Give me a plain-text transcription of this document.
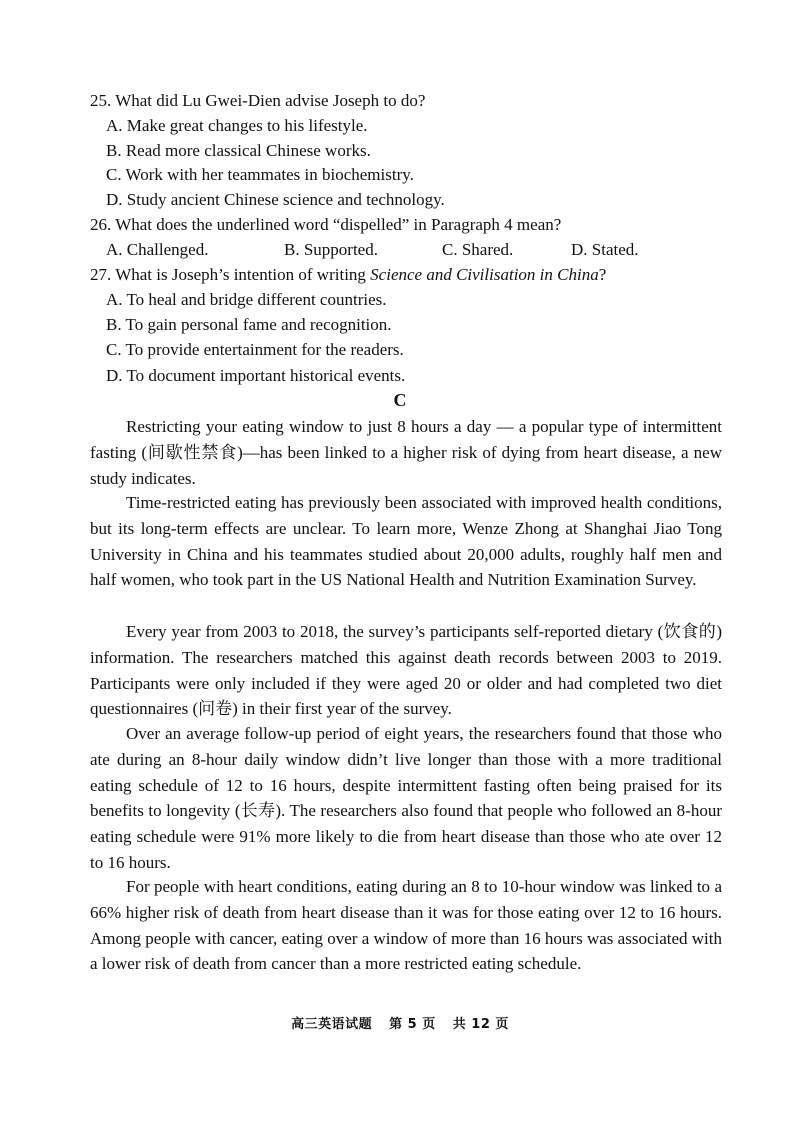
25. What did Lu Gwei-Dien advise Joseph to do?
A. Make great changes to his lifestyle.
B. Read more classical Chinese works.
C. Work with her teammates in biochemistry.
D. Study ancient Chinese science and technology.
26. What does the underlined word “dispelled” in Paragraph 4 mean?
A. Challenged.	B. Supported.	C. Shared.	D. Stated.
27. What is Joseph’s intention of writing Science and Civilisation in China?
A. To heal and bridge different countries.
B. To gain personal fame and recognition.
C. To provide entertainment for the readers.
D. To document important historical events.
C

Restricting your eating window to just 8 hours a day — a popular type of intermittent fasting (间歇性禁食)—has been linked to a higher risk of dying from heart disease, a new study indicates.

Time-restricted eating has previously been associated with improved health conditions, but its long-term effects are unclear. To learn more, Wenze Zhong at Shanghai Jiao Tong University in China and his teammates studied about 20,000 adults, roughly half men and half women, who took part in the US National Health and Nutrition Examination Survey.

Every year from 2003 to 2018, the survey’s participants self-reported dietary (饮食的) information. The researchers matched this against death records between 2003 to 2019. Participants were only included if they were aged 20 or older and had completed two diet questionnaires (问卷) in their first year of the survey.

Over an average follow-up period of eight years, the researchers found that those who ate during an 8-hour daily window didn’t live longer than those with a more traditional eating schedule of 12 to 16 hours, despite intermittent fasting often being praised for its benefits to longevity (长寿). The researchers also found that people who followed an 8-hour eating schedule were 91% more likely to die from heart disease than those who ate over 12 to 16 hours.

For people with heart conditions, eating during an 8 to 10-hour window was linked to a 66% higher risk of death from heart disease than it was for those eating over 12 to 16 hours. Among people with cancer, eating over a window of more than 16 hours was associated with a lower risk of death from cancer than a more restricted eating schedule.

高三英语试题 第 5 页 共 12 页
